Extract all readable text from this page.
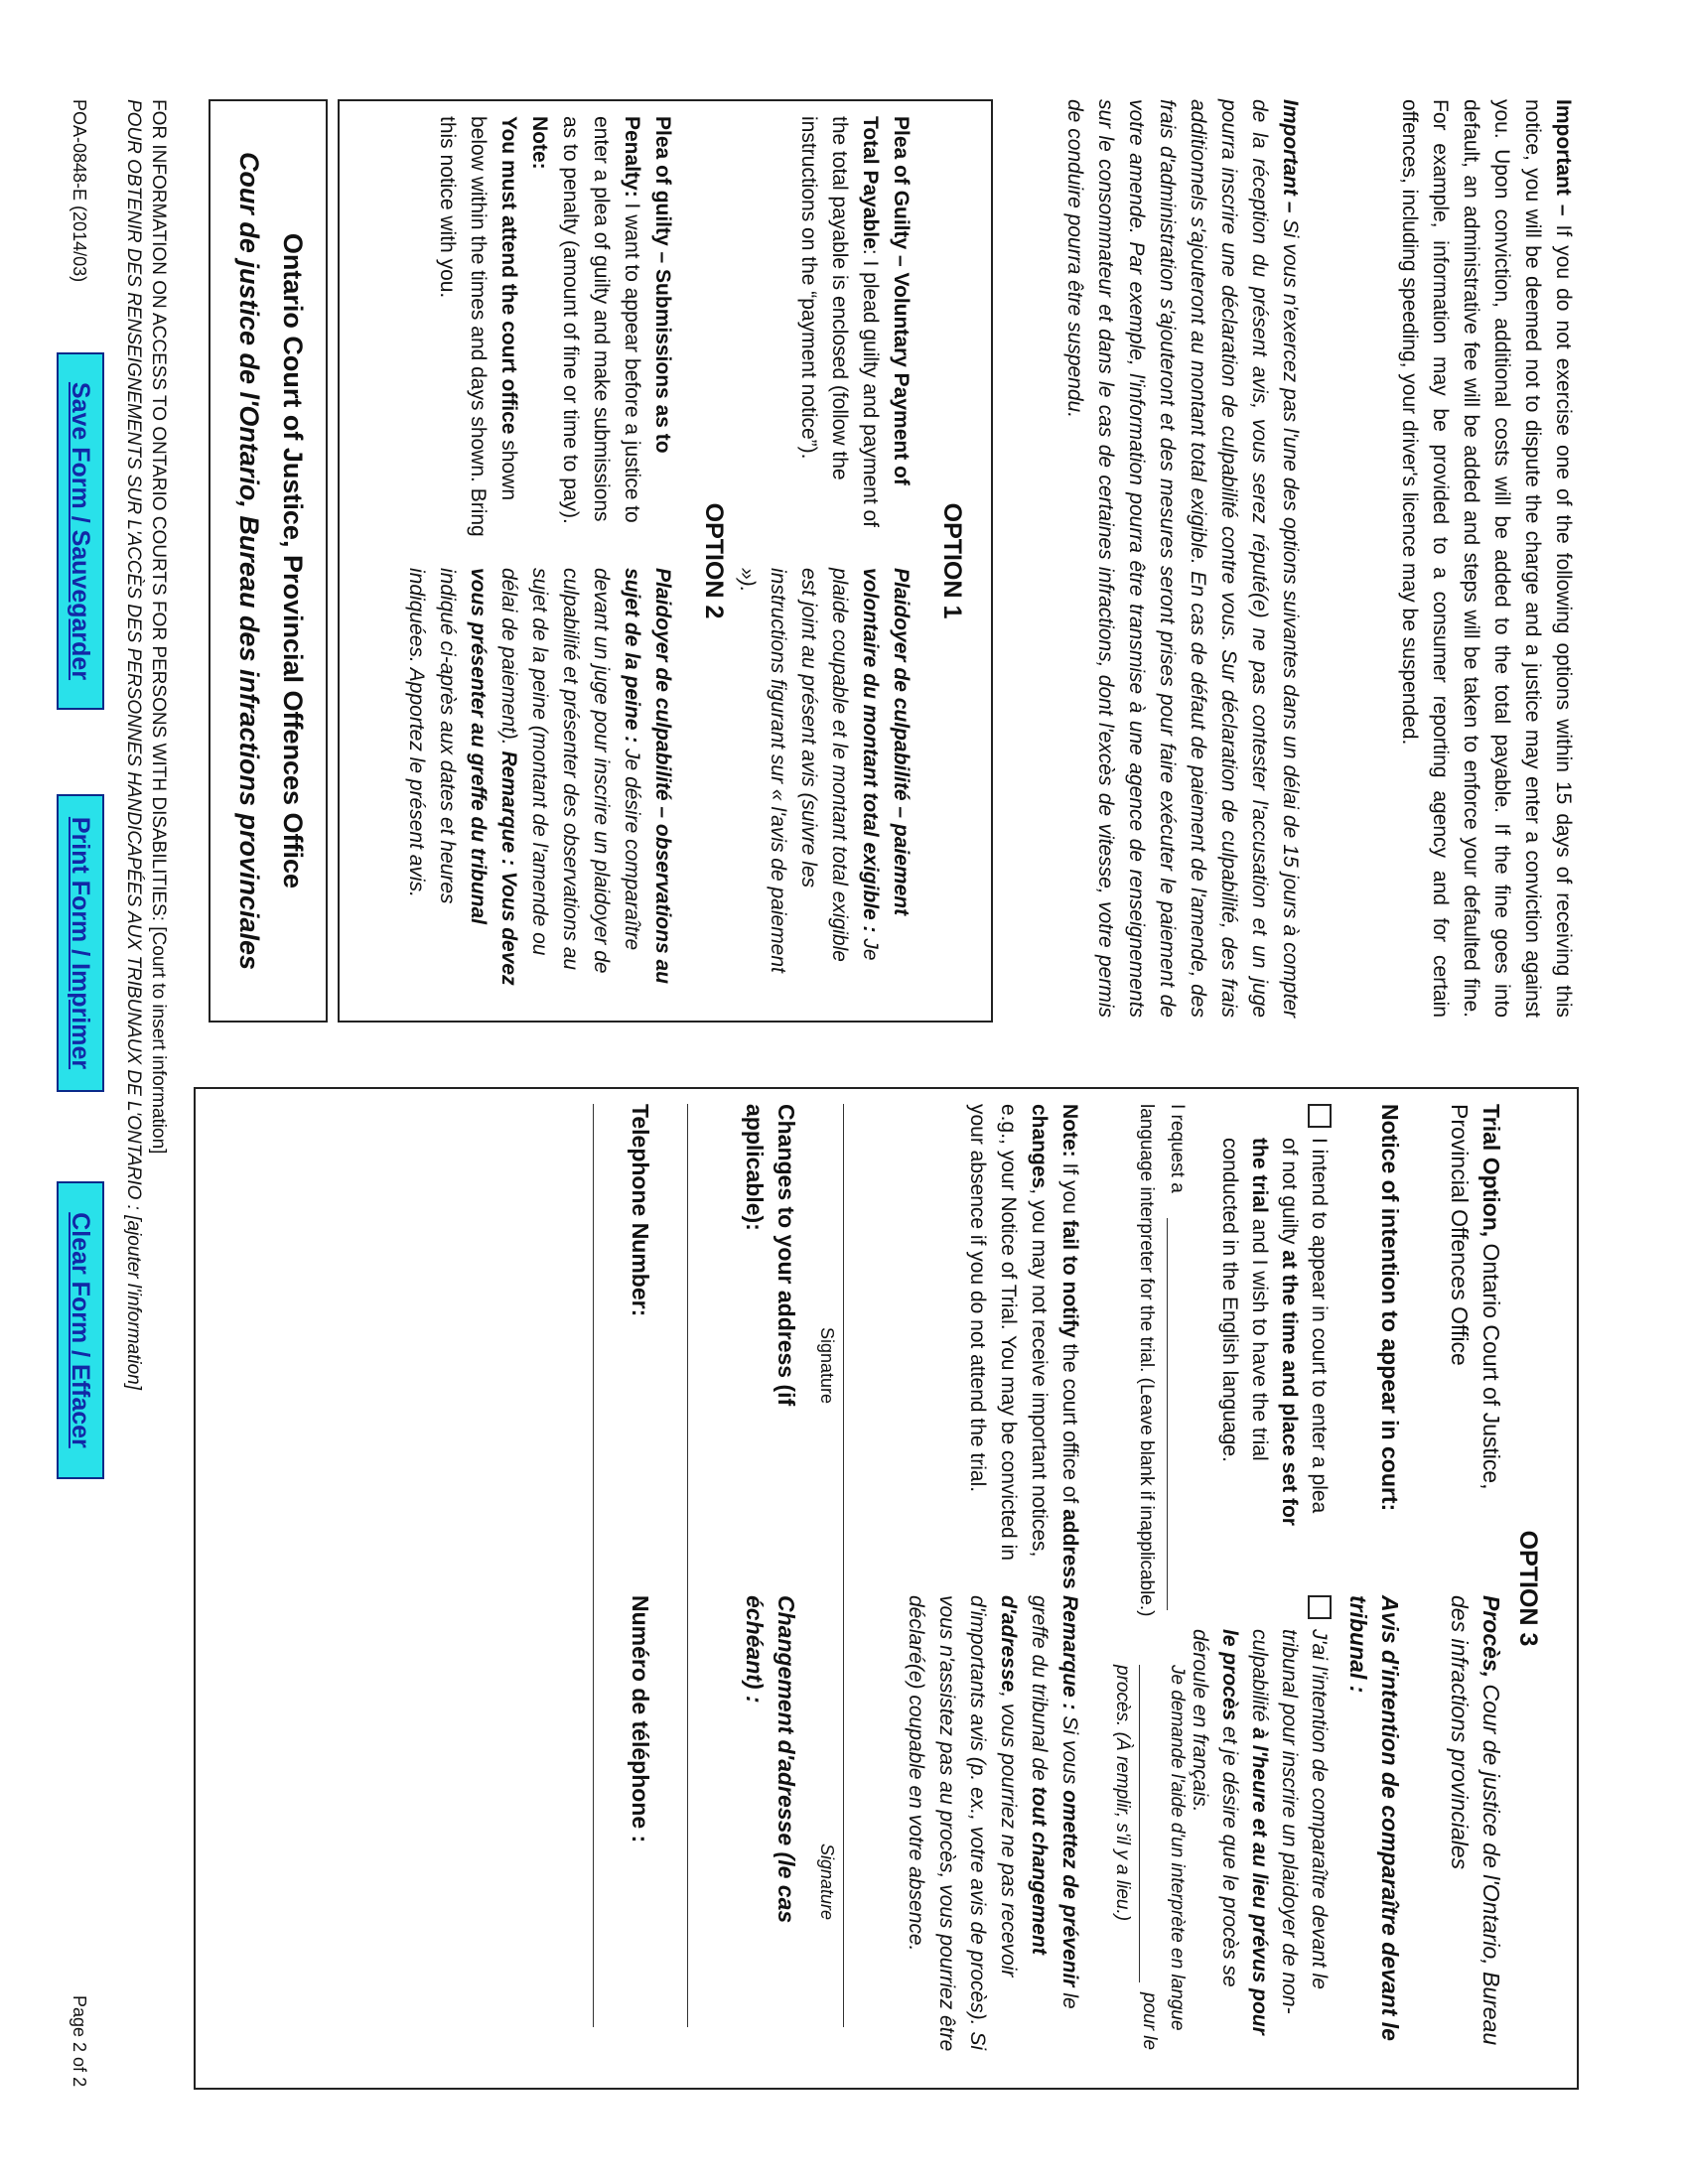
Important – If you do not exercise one of the following options within 15 days of receiving this notice, you will be deemed not to dispute the charge and a justice may enter a conviction against you. Upon conviction, additional costs will be added to the total payable. If the fine goes into default, an administrative fee will be added and steps will be taken to enforce your defaulted fine. For example, information may be provided to a consumer reporting agency and for certain offences, including speeding, your driver's licence may be suspended.
Important – Si vous n'exercez pas l'une des options suivantes dans un délai de 15 jours à compter de la réception du présent avis, vous serez réputé(e) ne pas contester l'accusation et un juge pourra inscrire une déclaration de culpabilité contre vous. Sur déclaration de culpabilité, des frais additionnels s'ajouteront au montant total exigible. En cas de défaut de paiement de l'amende, des frais d'administration s'ajouteront et des mesures seront prises pour faire exécuter le paiement de votre amende. Par exemple, l'information pourra être transmise à une agence de renseignements sur le consommateur et dans le cas de certaines infractions, dont l'excès de vitesse, votre permis de conduire pourra être suspendu.
OPTION 1
Plea of Guilty – Voluntary Payment of Total Payable: I plead guilty and payment of the total payable is enclosed (follow the instructions on the “payment notice”).
Plaidoyer de culpabilité – paiement volontaire du montant total exigible : Je plaide coupable et le montant total exigible est joint au présent avis (suivre les instructions figurant sur « l'avis de paiement »).
OPTION 2
Plea of guilty – Submissions as to Penalty: I want to appear before a justice to enter a plea of guilty and make submissions as to penalty (amount of fine or time to pay). Note:
You must attend the court office shown below within the times and days shown. Bring this notice with you.
Plaidoyer de culpabilité – observations au sujet de la peine : Je désire comparaître devant un juge pour inscrire un plaidoyer de culpabilité et présenter des observations au sujet de la peine (montant de l'amende ou délai de paiement). Remarque : Vous devez vous présenter au greffe du tribunal indiqué ci-après aux dates et heures indiquées. Apportez le présent avis.
Ontario Court of Justice, Provincial Offences Office
Cour de justice de l'Ontario, Bureau des infractions provinciales
FOR INFORMATION ON ACCESS TO ONTARIO COURTS FOR PERSONS WITH DISABILITIES: [Court to insert information]
POUR OBTENIR DES RENSEIGNEMENTS SUR L'ACCÈS DES PERSONNES HANDICAPÉES AUX TRIBUNAUX DE L'ONTARIO : [ajouter l'information]
POA-0848-E (2014/03)
Save Form / Sauvegarder
Print Form / Imprimer
Clear Form / Effacer
Page 2 of 2
OPTION 3
Trial Option, Ontario Court of Justice, Provincial Offences Office
Procès, Cour de justice de l'Ontario, Bureau des infractions provinciales
Notice of intention to appear in court:
Avis d'intention de comparaître devant le tribunal :
I intend to appear in court to enter a plea of not guilty at the time and place set for the trial and I wish to have the trial conducted in the English language.
J'ai l'intention de comparaître devant le tribunal pour inscrire un plaidoyer de non-culpabilité à l'heure et au lieu prévus pour le procès et je désire que le procès se déroule en français.
I request a
language interpreter for the trial. (Leave blank if inapplicable.)
Je demande l'aide d'un interprète en langue
pour le
procès. (À remplir, s'il y a lieu.)
Note: If you fail to notify the court office of address changes, you may not receive important notices, e.g., your Notice of Trial. You may be convicted in your absence if you do not attend the trial.
Remarque : Si vous omettez de prévenir le greffe du tribunal de tout changement d'adresse, vous pourriez ne pas recevoir d'importants avis (p. ex., votre avis de procès). Si vous n'assistez pas au procès, vous pourriez être déclaré(e) coupable en votre absence.
Signature
Signature
Changes to your address (if applicable):
Changement d'adresse (le cas échéant) :
Telephone Number:
Numéro de téléphone :
